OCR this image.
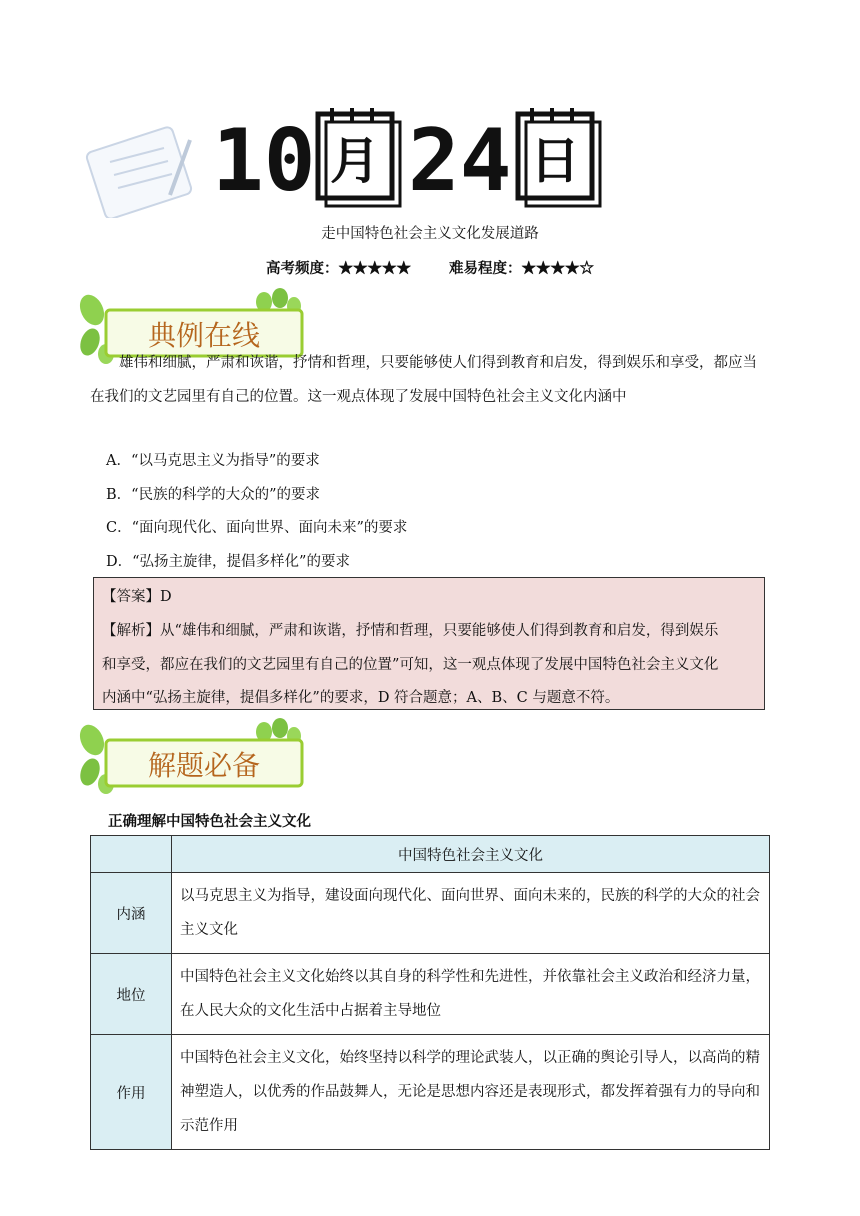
10 月 24 日
走中国特色社会主义文化发展道路
高考频度：★★★★★	难易程度：★★★★☆
典例在线
雄伟和细腻，严肃和诙谐，抒情和哲理，只要能够使人们得到教育和启发，得到娱乐和享受，都应当
在我们的文艺园里有自己的位置。这一观点体现了发展中国特色社会主义文化内涵中
A．“以马克思主义为指导”的要求
B．“民族的科学的大众的”的要求
C．“面向现代化、面向世界、面向未来”的要求
D．“弘扬主旋律，提倡多样化”的要求
【答案】D
【解析】从“雄伟和细腻，严肃和诙谐，抒情和哲理，只要能够使人们得到教育和启发，得到娱乐
和享受，都应在我们的文艺园里有自己的位置”可知，这一观点体现了发展中国特色社会主义文化
内涵中“弘扬主旋律，提倡多样化”的要求，D 符合题意；A、B、C 与题意不符。
解题必备
正确理解中国特色社会主义文化
	中国特色社会主义文化
内涵	以马克思主义为指导，建设面向现代化、面向世界、面向未来的，民族的科学的大众的社会主义文化
地位	中国特色社会主义文化始终以其自身的科学性和先进性，并依靠社会主义政治和经济力量，在人民大众的文化生活中占据着主导地位
作用	中国特色社会主义文化，始终坚持以科学的理论武装人，以正确的舆论引导人，以高尚的精神塑造人，以优秀的作品鼓舞人，无论是思想内容还是表现形式，都发挥着强有力的导向和示范作用
